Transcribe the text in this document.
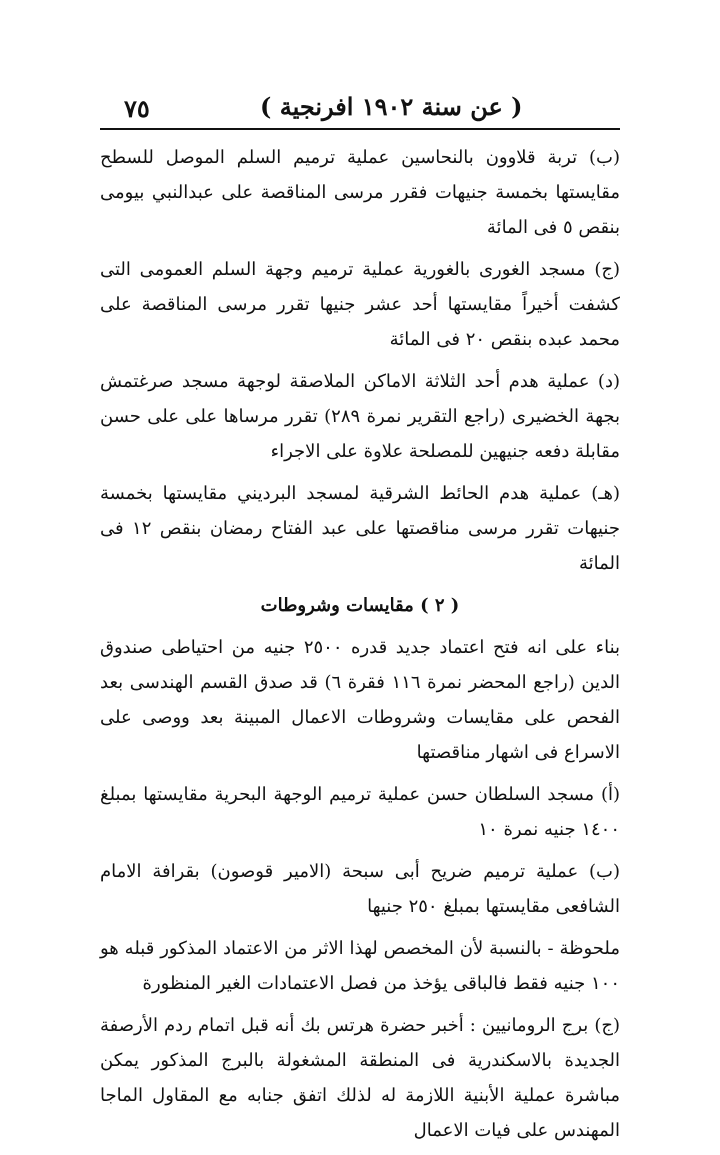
٧٥	( عن سنة ١٩٠٢ افرنجية )

(ب) تربة قلاوون بالنحاسين عملية ترميم السلم الموصل للسطح مقايستها بخمسة جنيهات فقرر مرسى المناقصة على عبدالنبي بيومى بنقص ٥ فى المائة

(ج) مسجد الغورى بالغورية عملية ترميم وجهة السلم العمومى التى كشفت أخيراً مقايستها أحد عشر جنيها تقرر مرسى المناقصة على محمد عبده بنقص ٢٠ فى المائة

(د) عملية هدم أحد الثلاثة الاماكن الملاصقة لوجهة مسجد صرغتمش بجهة الخضيرى (راجع التقرير نمرة ٢٨٩) تقرر مرساها على على حسن مقابلة دفعه جنيهين للمصلحة علاوة على الاجراء

(هـ) عملية هدم الحائط الشرقية لمسجد البرديني مقايستها بخمسة جنيهات تقرر مرسى مناقصتها على عبد الفتاح رمضان بنقص ١٢ فى المائة

( ٢ ) مقايسات وشروطات

بناء على انه فتح اعتماد جديد قدره ٢٥٠٠ جنيه من احتياطى صندوق الدين (راجع المحضر نمرة ١١٦ فقرة ٦) قد صدق القسم الهندسى بعد الفحص على مقايسات وشروطات الاعمال المبينة بعد ووصى على الاسراع فى اشهار مناقصتها

(أ) مسجد السلطان حسن عملية ترميم الوجهة البحرية مقايستها بمبلغ ١٤٠٠ جنيه نمرة ١٠

(ب) عملية ترميم ضريح أبى سبحة (الامير قوصون) بقرافة الامام الشافعى مقايستها بمبلغ ٢٥٠ جنيها

ملحوظة - بالنسبة لأن المخصص لهذا الاثر من الاعتماد المذكور قبله هو ١٠٠ جنيه فقط فالباقى يؤخذ من فصل الاعتمادات الغير المنظورة

(ج) برج الرومانيين : أخبر حضرة هرتس بك أنه قبل اتمام ردم الأرصفة الجديدة بالاسكندرية فى المنطقة المشغولة بالبرج المذكور يمكن مباشرة عملية الأبنية اللازمة له لذلك اتفق جنابه مع المقاول الماجا المهندس على فيات الاعمال
